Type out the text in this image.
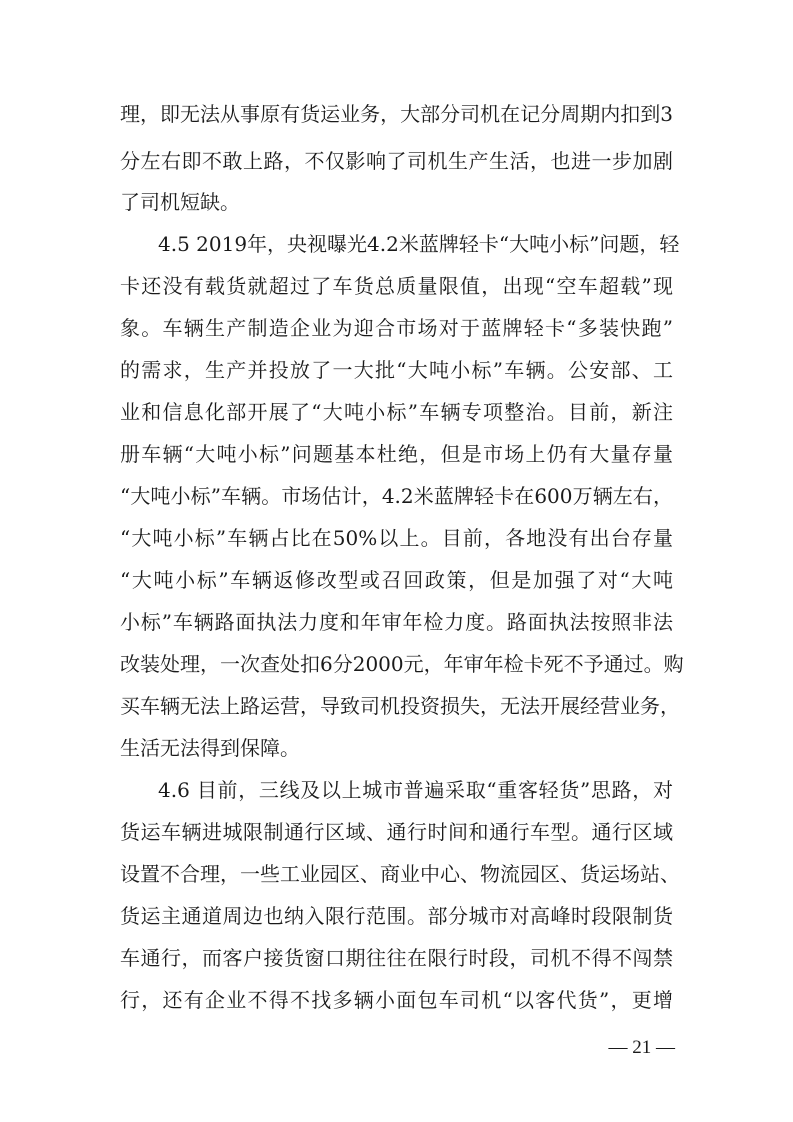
理，即无法从事原有货运业务，大部分司机在记分周期内扣到3
分左右即不敢上路，不仅影响了司机生产生活，也进一步加剧
了司机短缺。
4.5 2019年，央视曝光4.2米蓝牌轻卡“大吨小标”问题，轻
卡还没有载货就超过了车货总质量限值，出现“空车超载”现
象。车辆生产制造企业为迎合市场对于蓝牌轻卡“多装快跑”
的需求，生产并投放了一大批“大吨小标”车辆。公安部、工
业和信息化部开展了“大吨小标”车辆专项整治。目前，新注
册车辆“大吨小标”问题基本杜绝，但是市场上仍有大量存量
“大吨小标”车辆。市场估计，4.2米蓝牌轻卡在600万辆左右，
“大吨小标”车辆占比在50%以上。目前，各地没有出台存量
“大吨小标”车辆返修改型或召回政策，但是加强了对“大吨
小标”车辆路面执法力度和年审年检力度。路面执法按照非法
改装处理，一次查处扣6分2000元，年审年检卡死不予通过。购
买车辆无法上路运营，导致司机投资损失，无法开展经营业务，
生活无法得到保障。
4.6 目前，三线及以上城市普遍采取“重客轻货”思路，对
货运车辆进城限制通行区域、通行时间和通行车型。通行区域
设置不合理，一些工业园区、商业中心、物流园区、货运场站、
货运主通道周边也纳入限行范围。部分城市对高峰时段限制货
车通行，而客户接货窗口期往往在限行时段，司机不得不闯禁
行，还有企业不得不找多辆小面包车司机“以客代货”，更增
— 21 —
